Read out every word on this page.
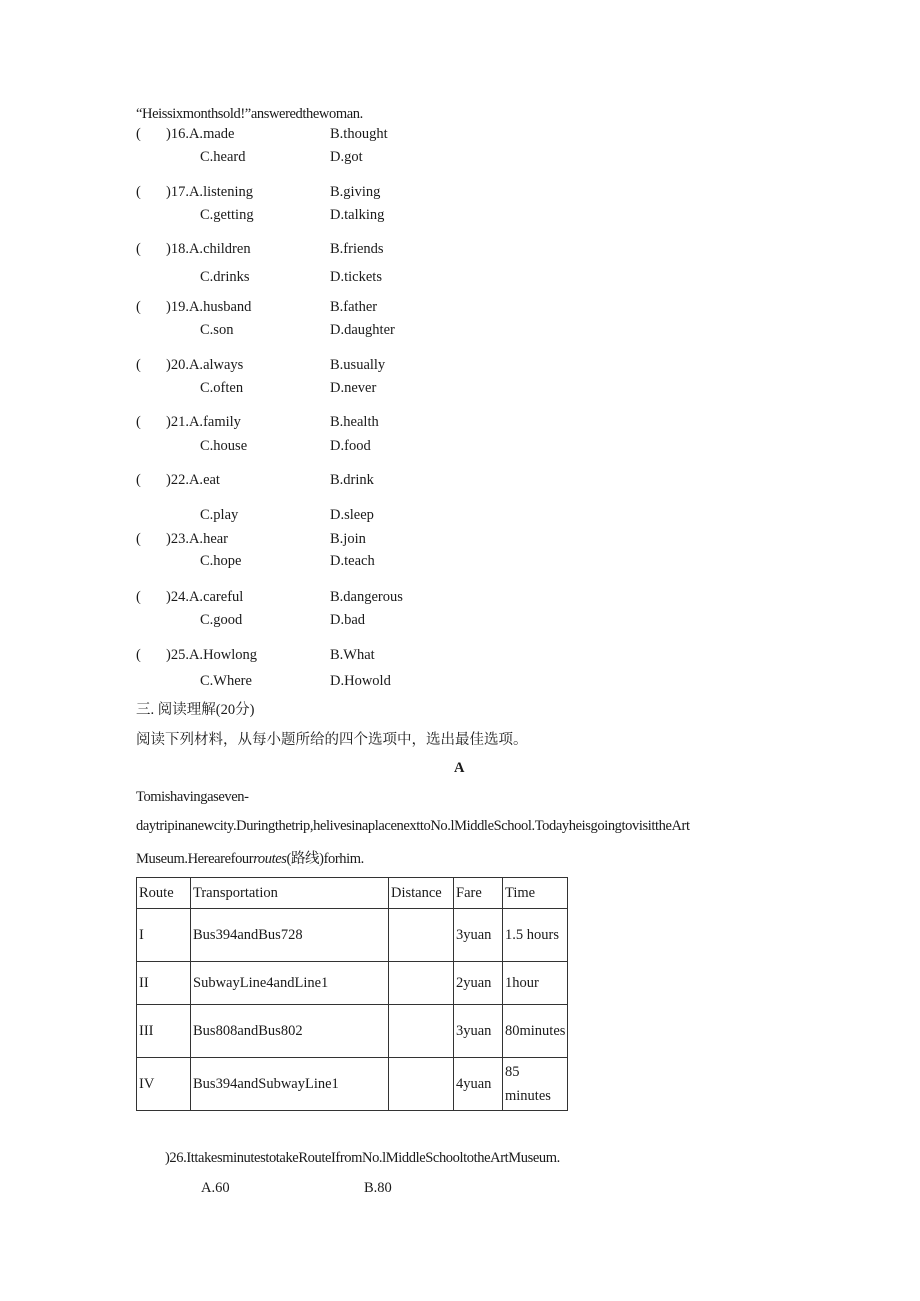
“Heissixmonthsold!”answeredthewoman.
( )16.A.made	B.thought
C.heard	D.got
( )17.A.listening	B.giving
C.getting	D.talking
( )18.A.children	B.friends
C.drinks	D.tickets
( )19.A.husband	B.father
C.son	D.daughter
( )20.A.always	B.usually
C.often	D.never
( )21.A.family	B.health
C.house	D.food
( )22.A.eat	B.drink
C.play	D.sleep
( )23.A.hear	B.join
C.hope	D.teach
( )24.A.careful	B.dangerous
C.good	D.bad
( )25.A.Howlong	B.What
C.Where	D.Howold
三. 阅读理解(20分)
阅读下列材料，从每小题所给的四个选项中，选出最佳选项。
A
Tomishavingaseven-
daytripinanewcity.Duringthetrip,helivesinaplacenexttoNo.lMiddleSchool.TodayheisgoingtovisittheArt
Museum.Herearefourroutes(路线)forhim.
Route	Transportation	Distance	Fare	Time
I	Bus394andBus728		3yuan	1.5 hours
II	SubwayLine4andLine1		2yuan	1hour
III	Bus808andBus802		3yuan	80minutes
IV	Bus394andSubwayLine1		4yuan	85 minutes
)26.IttakesminutestotakeRouteIfromNo.lMiddleSchooltotheArtMuseum.
A.60	B.80
